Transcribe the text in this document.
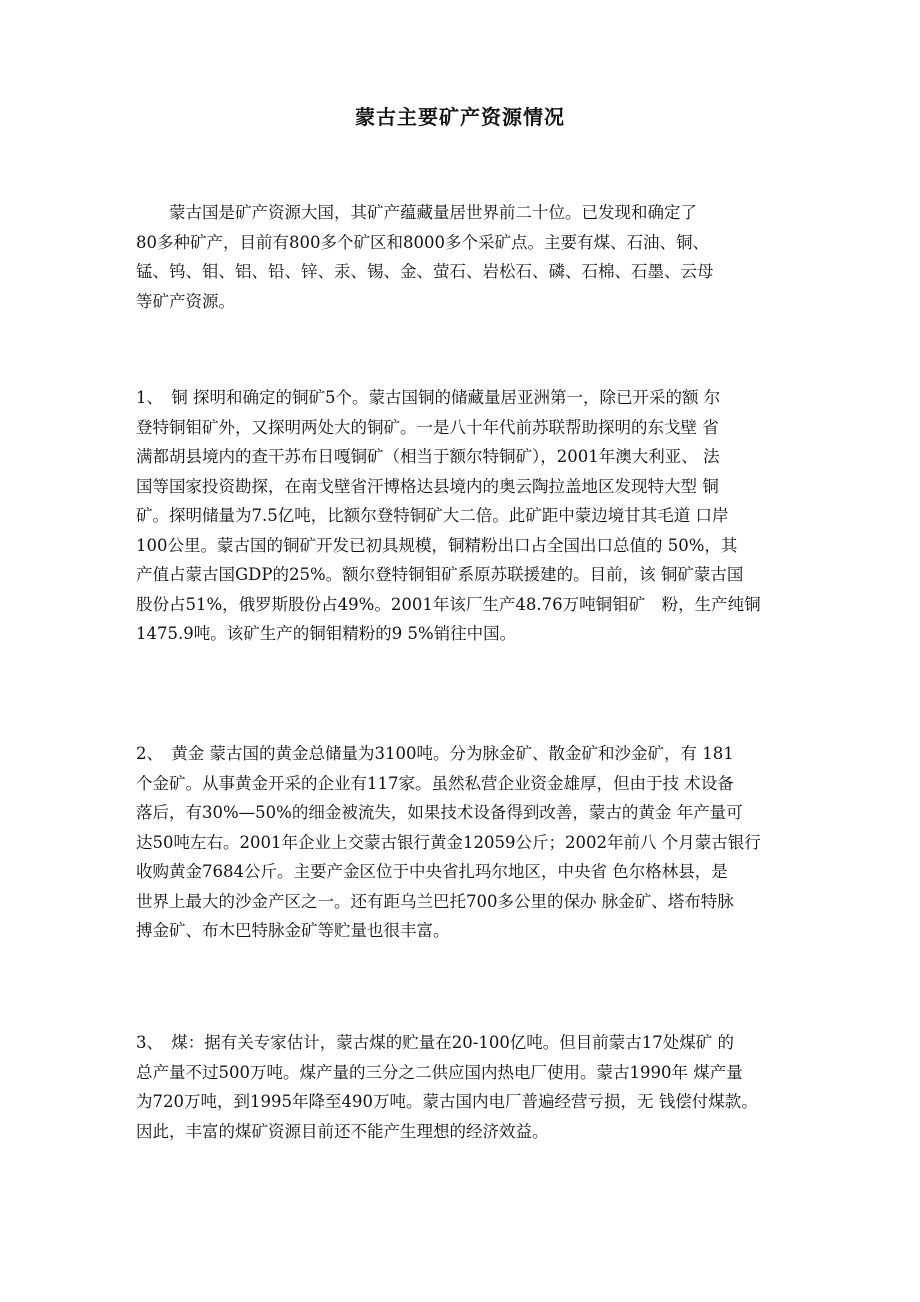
蒙古主要矿产资源情况
蒙古国是矿产资源大国，其矿产蕴藏量居世界前二十位。已发现和确定了
80多种矿产，目前有800多个矿区和8000多个采矿点。主要有煤、石油、铜、
锰、钨、钼、铝、铅、锌、汞、锡、金、萤石、岩松石、磷、石棉、石墨、云母
等矿产资源。
1、　铜 探明和确定的铜矿5个。蒙古国铜的储藏量居亚洲第一，除已开采的额 尔
登特铜钼矿外，又探明两处大的铜矿。一是八十年代前苏联帮助探明的东戈壁 省
满都胡县境内的查干苏布日嘎铜矿（相当于额尔特铜矿），2001年澳大利亚、 法
国等国家投资勘探，在南戈壁省汗博格达县境内的奥云陶拉盖地区发现特大型 铜
矿。探明储量为7.5亿吨，比额尔登特铜矿大二倍。此矿距中蒙边境甘其毛道 口岸
100公里。蒙古国的铜矿开发已初具规模，铜精粉出口占全国出口总值的 50%，其
产值占蒙古国GDP的25%。额尔登特铜钼矿系原苏联援建的。目前，该 铜矿蒙古国
股份占51%，俄罗斯股份占49%。2001年该厂生产48.76万吨铜钼矿　粉，生产纯铜
1475.9吨。该矿生产的铜钼精粉的9 5%销往中国。
2、　黄金 蒙古国的黄金总储量为3100吨。分为脉金矿、散金矿和沙金矿，有 181
个金矿。从事黄金开采的企业有117家。虽然私营企业资金雄厚，但由于技 术设备
落后，有30%—50%的细金被流失，如果技术设备得到改善，蒙古的黄金 年产量可
达50吨左右。2001年企业上交蒙古银行黄金12059公斤；2002年前八 个月蒙古银行
收购黄金7684公斤。主要产金区位于中央省扎玛尔地区，中央省 色尔格林县，是
世界上最大的沙金产区之一。还有距乌兰巴托700多公里的保办 脉金矿、塔布特脉
搏金矿、布木巴特脉金矿等贮量也很丰富。
3、　煤：据有关专家估计，蒙古煤的贮量在20-100亿吨。但目前蒙古17处煤矿 的
总产量不过500万吨。煤产量的三分之二供应国内热电厂使用。蒙古1990年 煤产量
为720万吨，到1995年降至490万吨。蒙古国内电厂普遍经营亏损，无 钱偿付煤款。
因此，丰富的煤矿资源目前还不能产生理想的经济效益。
